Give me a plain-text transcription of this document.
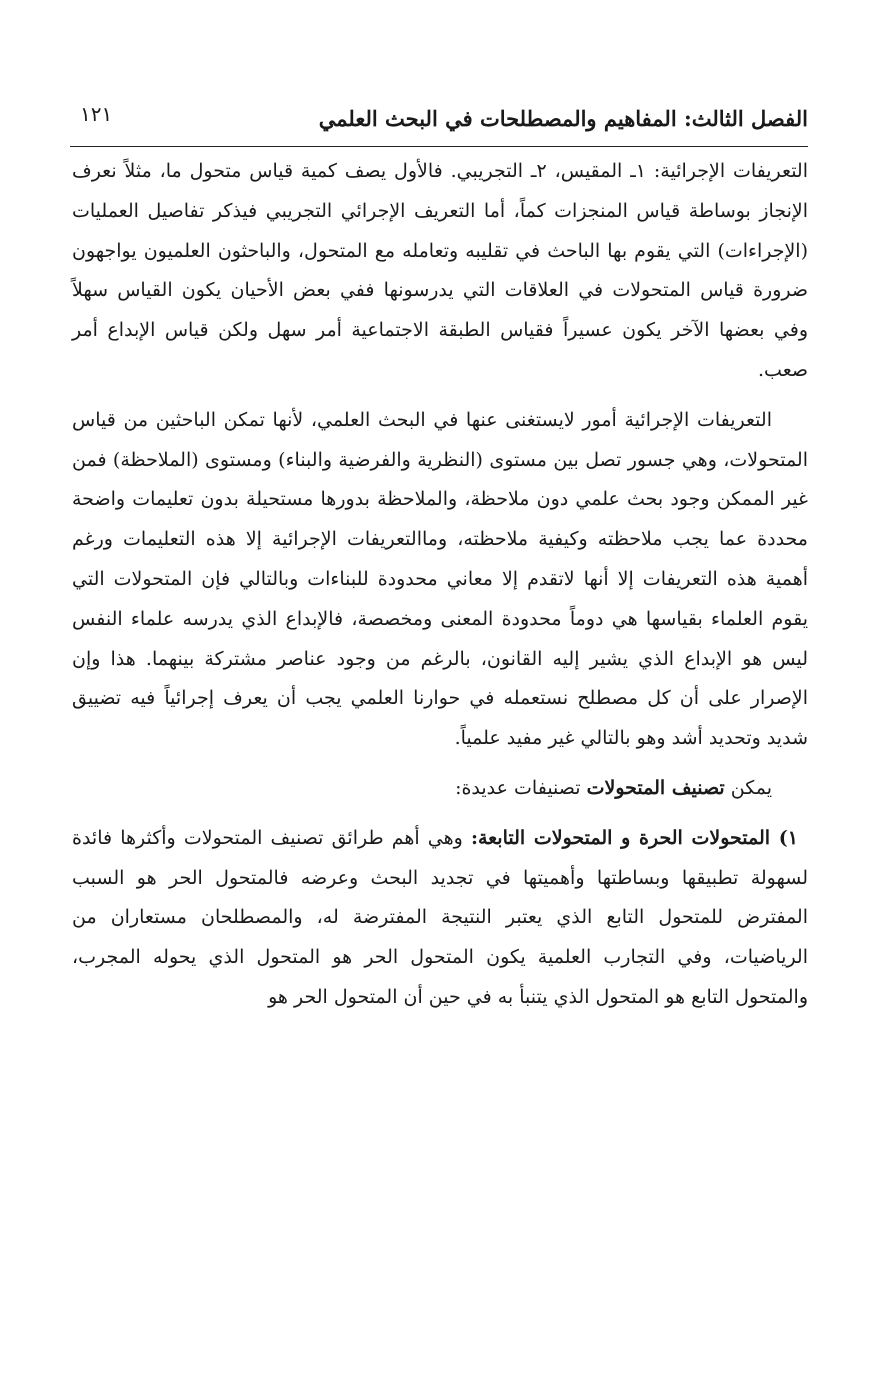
الفصل الثالث: المفاهيم والمصطلحات في البحث العلمي
١٢١

التعريفات الإجرائية: ١ـ المقيس، ٢ـ التجريبي. فالأول يصف كمية قياس متحول ما، مثلاً نعرف الإنجاز بوساطة قياس المنجزات كماً، أما التعريف الإجرائي التجريبي فيذكر تفاصيل العمليات (الإجراءات) التي يقوم بها الباحث في تقليبه وتعامله مع المتحول، والباحثون العلميون يواجهون ضرورة قياس المتحولات في العلاقات التي يدرسونها ففي بعض الأحيان يكون القياس سهلاً وفي بعضها الآخر يكون عسيراً فقياس الطبقة الاجتماعية أمر سهل ولكن قياس الإبداع أمر صعب.

التعريفات الإجرائية أمور لايستغنى عنها في البحث العلمي، لأنها تمكن الباحثين من قياس المتحولات، وهي جسور تصل بين مستوى (النظرية والفرضية والبناء) ومستوى (الملاحظة) فمن غير الممكن وجود بحث علمي دون ملاحظة، والملاحظة بدورها مستحيلة بدون تعليمات واضحة محددة عما يجب ملاحظته وكيفية ملاحظته، وماالتعريفات الإجرائية إلا هذه التعليمات ورغم أهمية هذه التعريفات إلا أنها لاتقدم إلا معاني محدودة للبناءات وبالتالي فإن المتحولات التي يقوم العلماء بقياسها هي دوماً محدودة المعنى ومخصصة، فالإبداع الذي يدرسه علماء النفس ليس هو الإبداع الذي يشير إليه القانون، بالرغم من وجود عناصر مشتركة بينهما. هذا وإن الإصرار على أن كل مصطلح نستعمله في حوارنا العلمي يجب أن يعرف إجرائياً فيه تضييق شديد وتحديد أشد وهو بالتالي غير مفيد علمياً.

يمكن تصنيف المتحولات تصنيفات عديدة:

١) المتحولات الحرة و المتحولات التابعة: وهي أهم طرائق تصنيف المتحولات وأكثرها فائدة لسهولة تطبيقها وبساطتها وأهميتها في تجديد البحث وعرضه فالمتحول الحر هو السبب المفترض للمتحول التابع الذي يعتبر النتيجة المفترضة له، والمصطلحان مستعاران من الرياضيات، وفي التجارب العلمية يكون المتحول الحر هو المتحول الذي يحوله المجرب، والمتحول التابع هو المتحول الذي يتنبأ به في حين أن المتحول الحر هو
